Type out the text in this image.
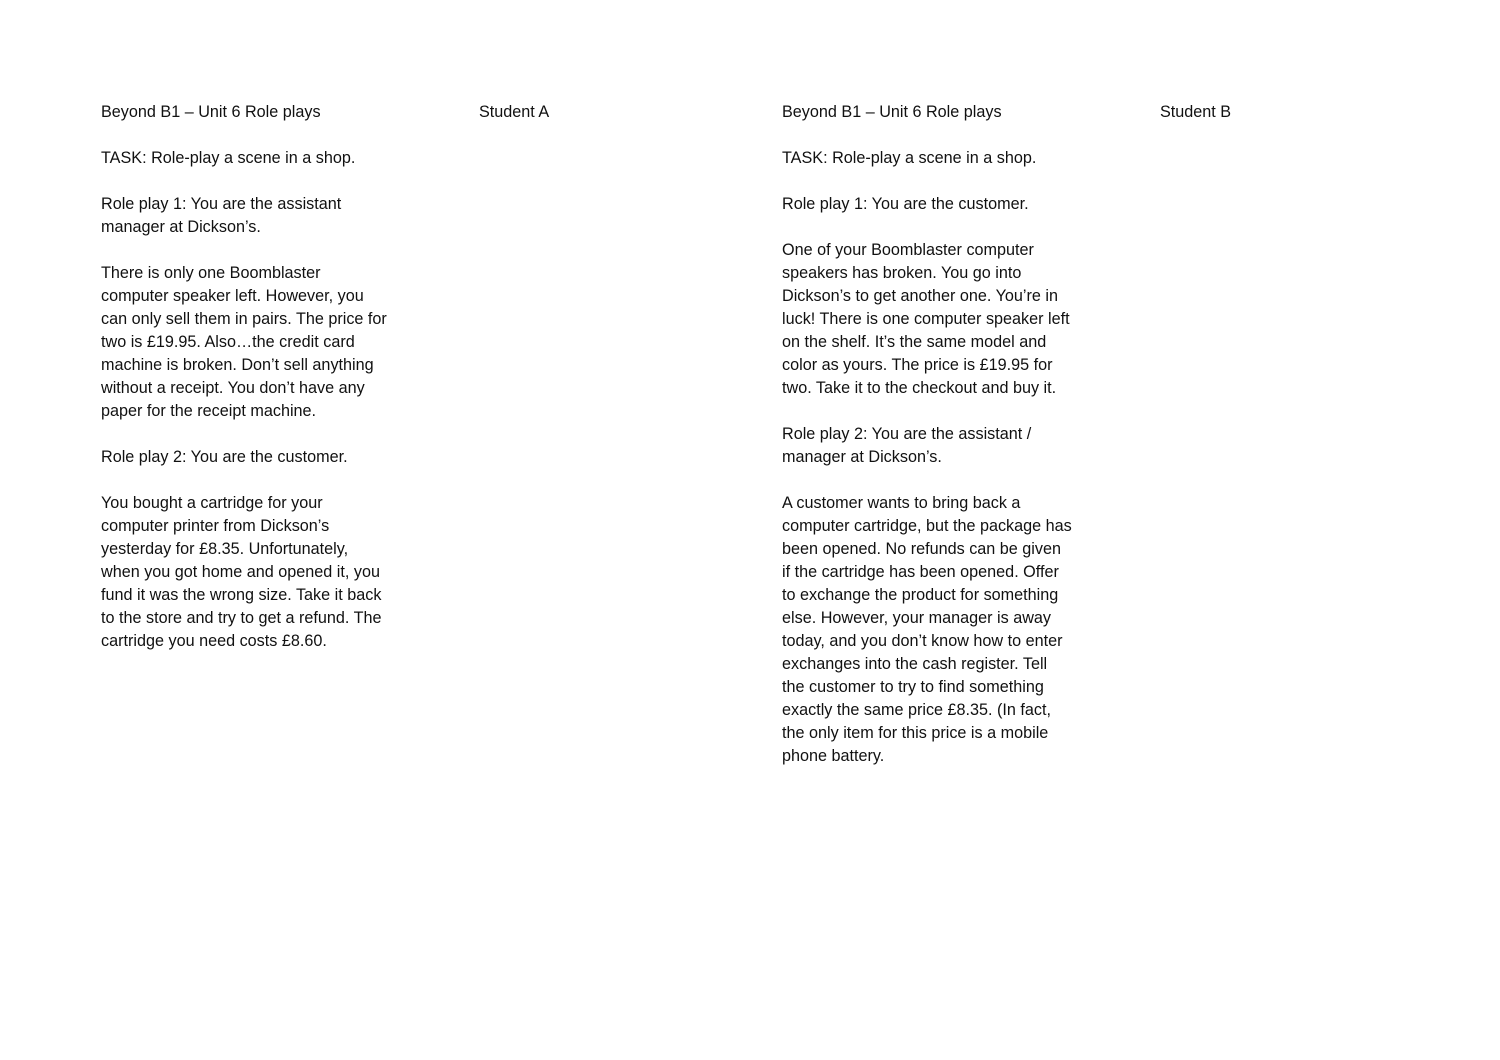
Beyond B1 – Unit 6 Role plays

TASK: Role-play a scene in a shop.

Role play 1: You are the assistant manager at Dickson’s.

There is only one Boomblaster computer speaker left. However, you can only sell them in pairs. The price for two is £19.95. Also…the credit card machine is broken. Don’t sell anything without a receipt. You don’t have any paper for the receipt machine.

Role play 2: You are the customer.

You bought a cartridge for your computer printer from Dickson’s yesterday for £8.35. Unfortunately, when you got home and opened it, you fund it was the wrong size. Take it back to the store and try to get a refund. The cartridge you need costs £8.60.

Student A	Beyond B1 – Unit 6 Role plays

TASK: Role-play a scene in a shop.

Role play 1: You are the customer.

One of your Boomblaster computer speakers has broken. You go into Dickson’s to get another one. You’re in luck! There is one computer speaker left on the shelf. It’s the same model and color as yours. The price is £19.95 for two. Take it to the checkout and buy it.

Role play 2: You are the assistant / manager at Dickson’s.

A customer wants to bring back a computer cartridge, but the package has been opened. No refunds can be given if the cartridge has been opened. Offer to exchange the product for something else. However, your manager is away today, and you don’t know how to enter exchanges into the cash register. Tell the customer to try to find something exactly the same price £8.35. (In fact, the only item for this price is a mobile phone battery.

Student B
